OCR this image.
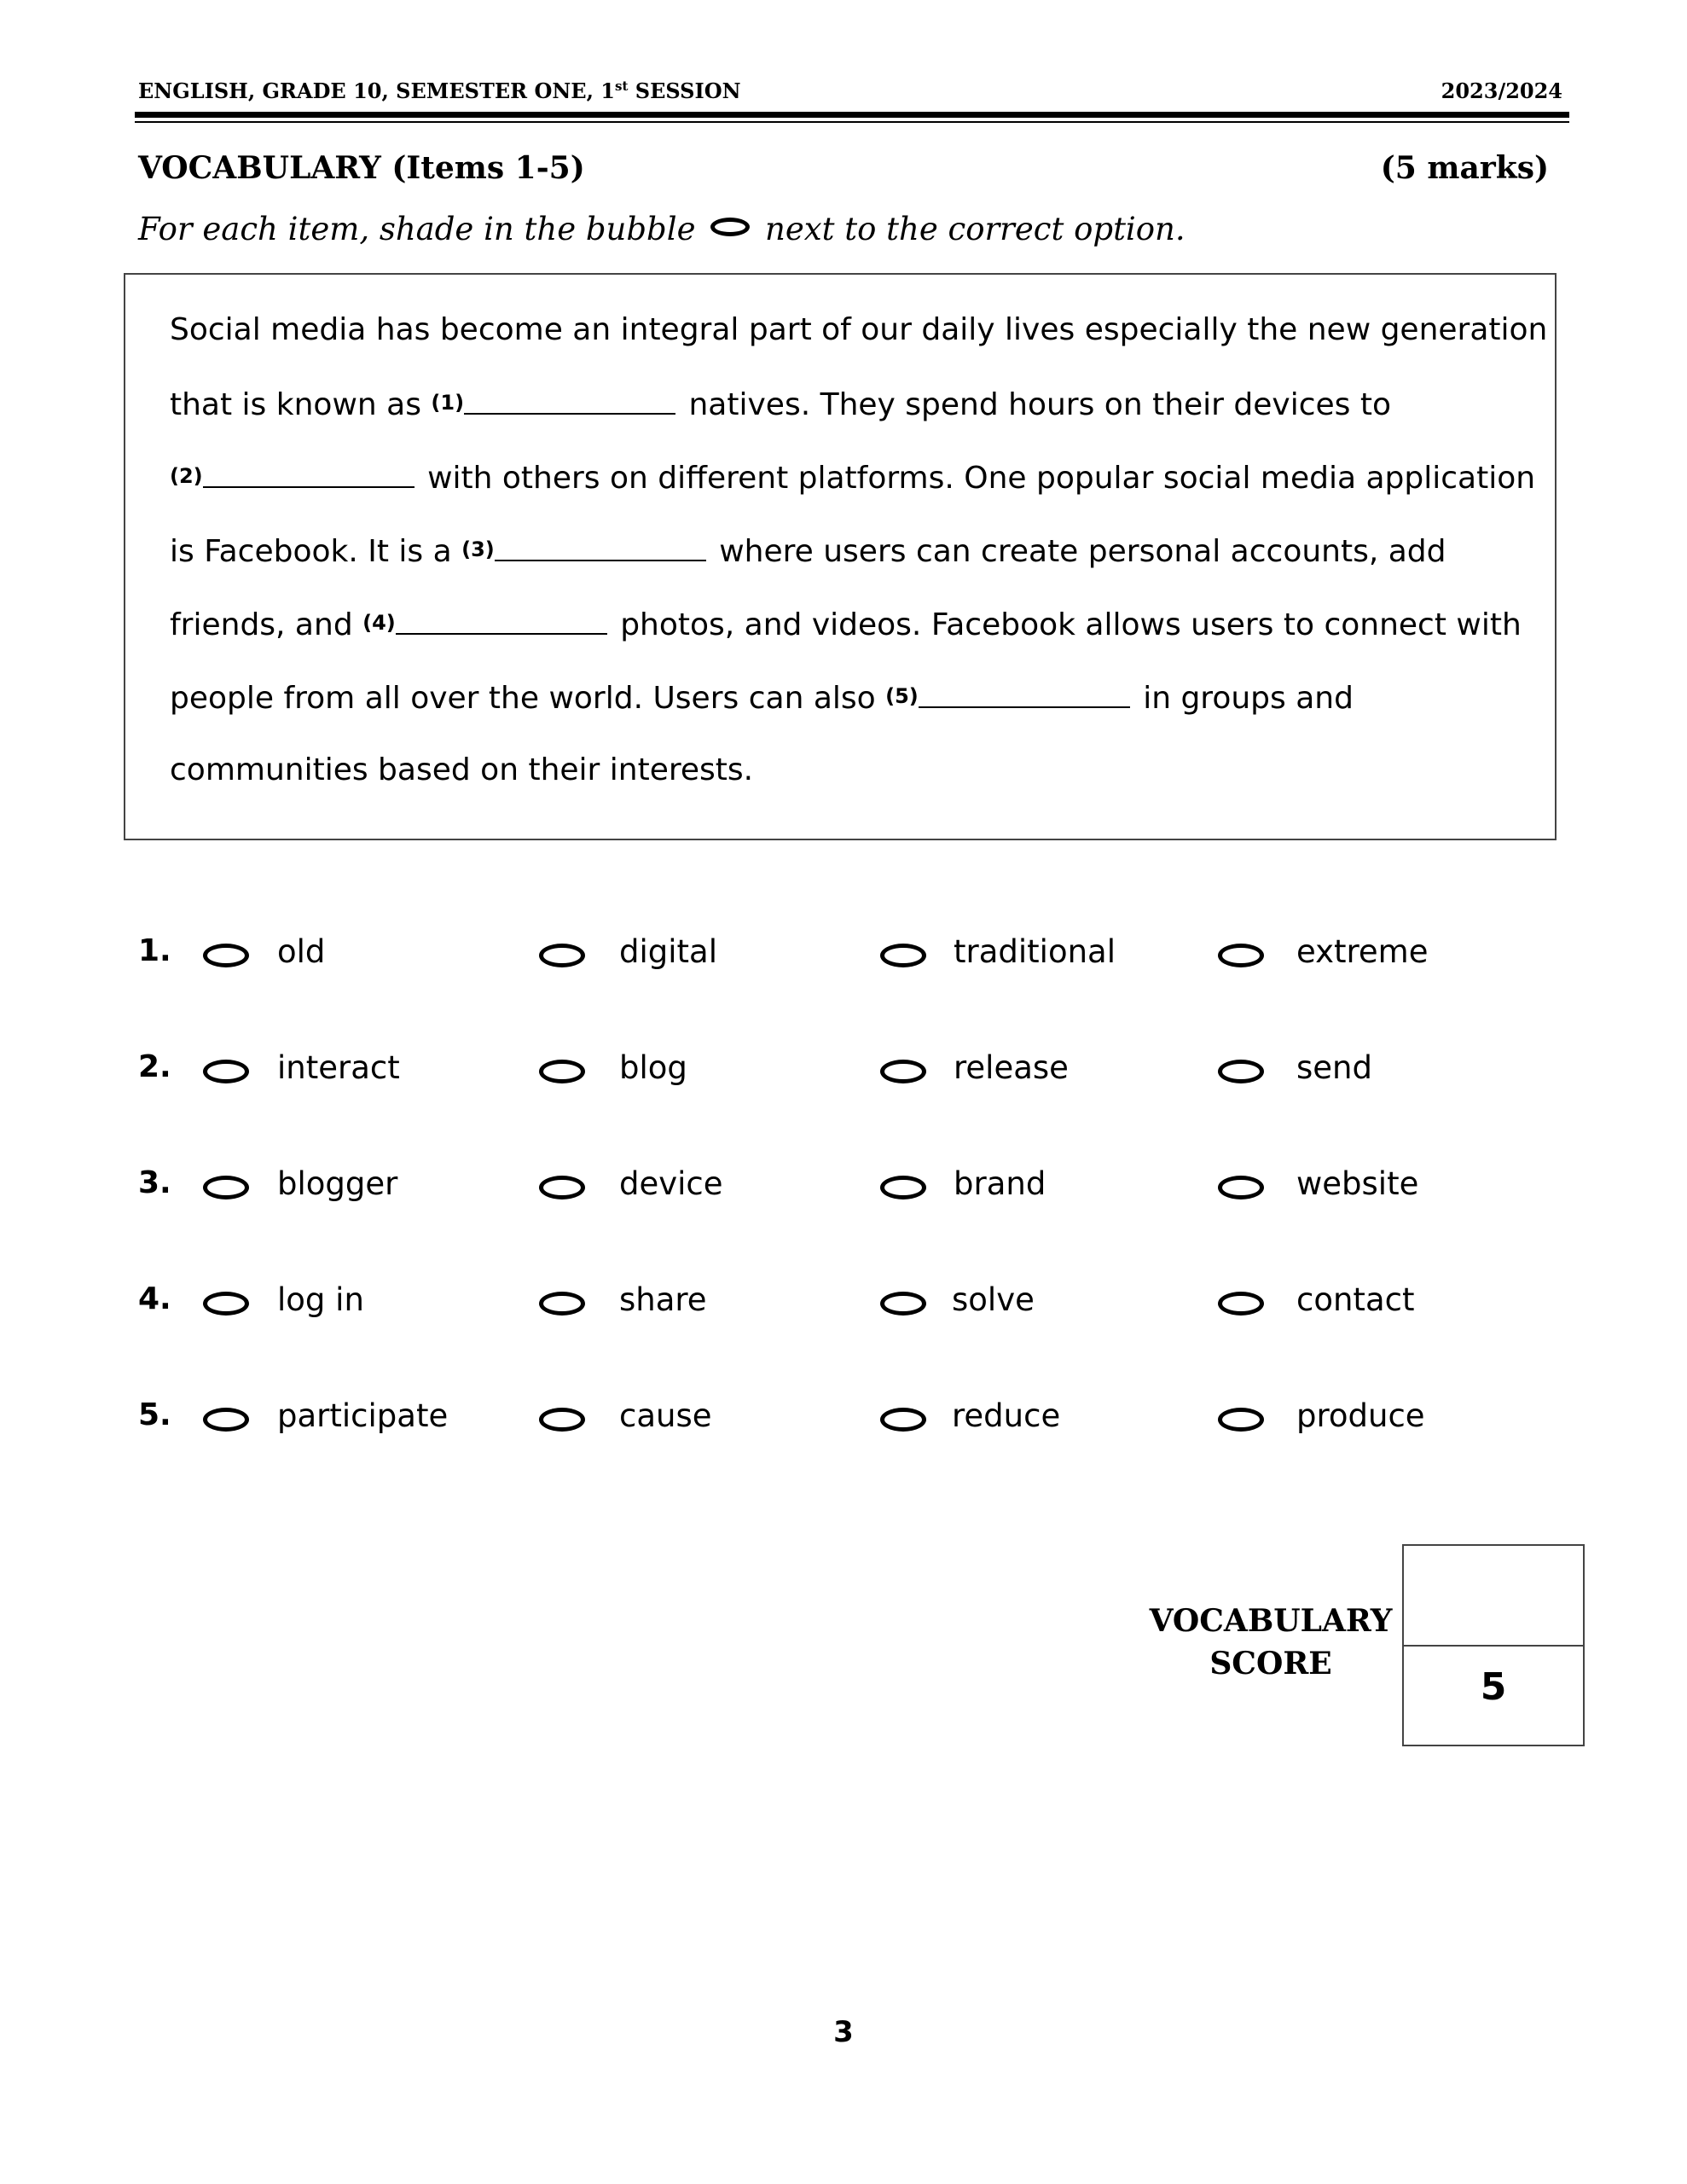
ENGLISH, GRADE 10, SEMESTER ONE, 1st SESSION	2023/2024
VOCABULARY (Items 1-5)	(5 marks)
For each item, shade in the bubble next to the correct option.
Social media has become an integral part of our daily lives especially the new generation
that is known as $^{(1)}$	natives. They spend hours on their devices to
$^{(2)}$	with others on different platforms. One popular social media application
is Facebook. It is a $^{(3)}$	where users can create personal accounts, add
friends, and $^{(4)}$	photos, and videos. Facebook allows users to connect with
people from all over the world. Users can also $^{(5)}$	in groups and
communities based on their interests.
1.	old	digital	traditional	extreme
2.	interact	blog	release	send
3.	blogger	device	brand	website
4.	log in	share	solve	contact
5.	participate	cause	reduce	produce
VOCABULARY
SCORE
5
3
